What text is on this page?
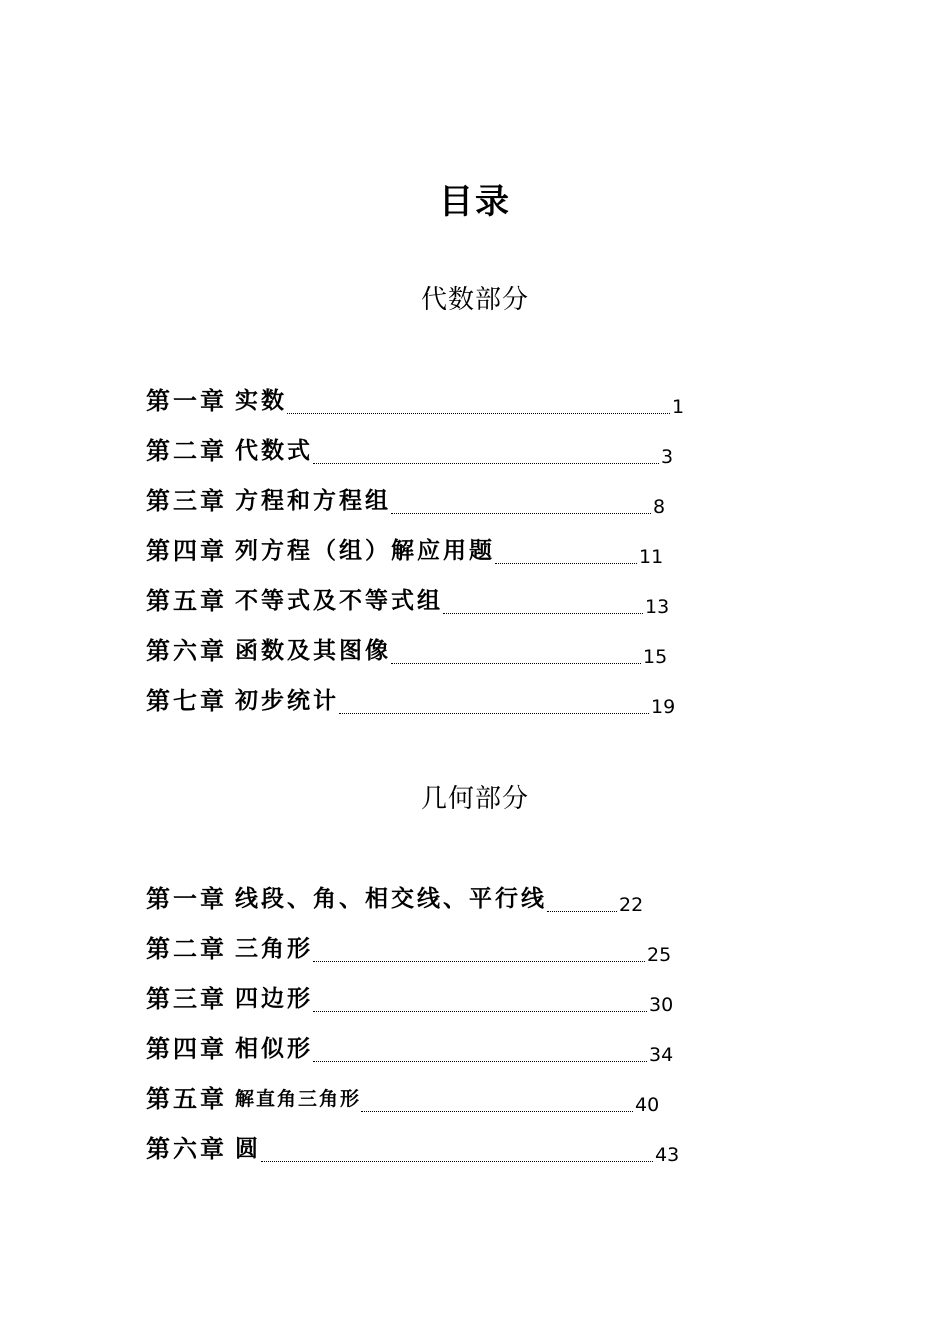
目录
代数部分
第一章 实数	1
第二章 代数式	3
第三章 方程和方程组	8
第四章 列方程（组）解应用题	11
第五章 不等式及不等式组	13
第六章 函数及其图像	15
第七章 初步统计	19
几何部分
第一章 线段、角、相交线、平行线	22
第二章 三角形	25
第三章 四边形	30
第四章 相似形	34
第五章 解直角三角形	40
第六章 圆	43
